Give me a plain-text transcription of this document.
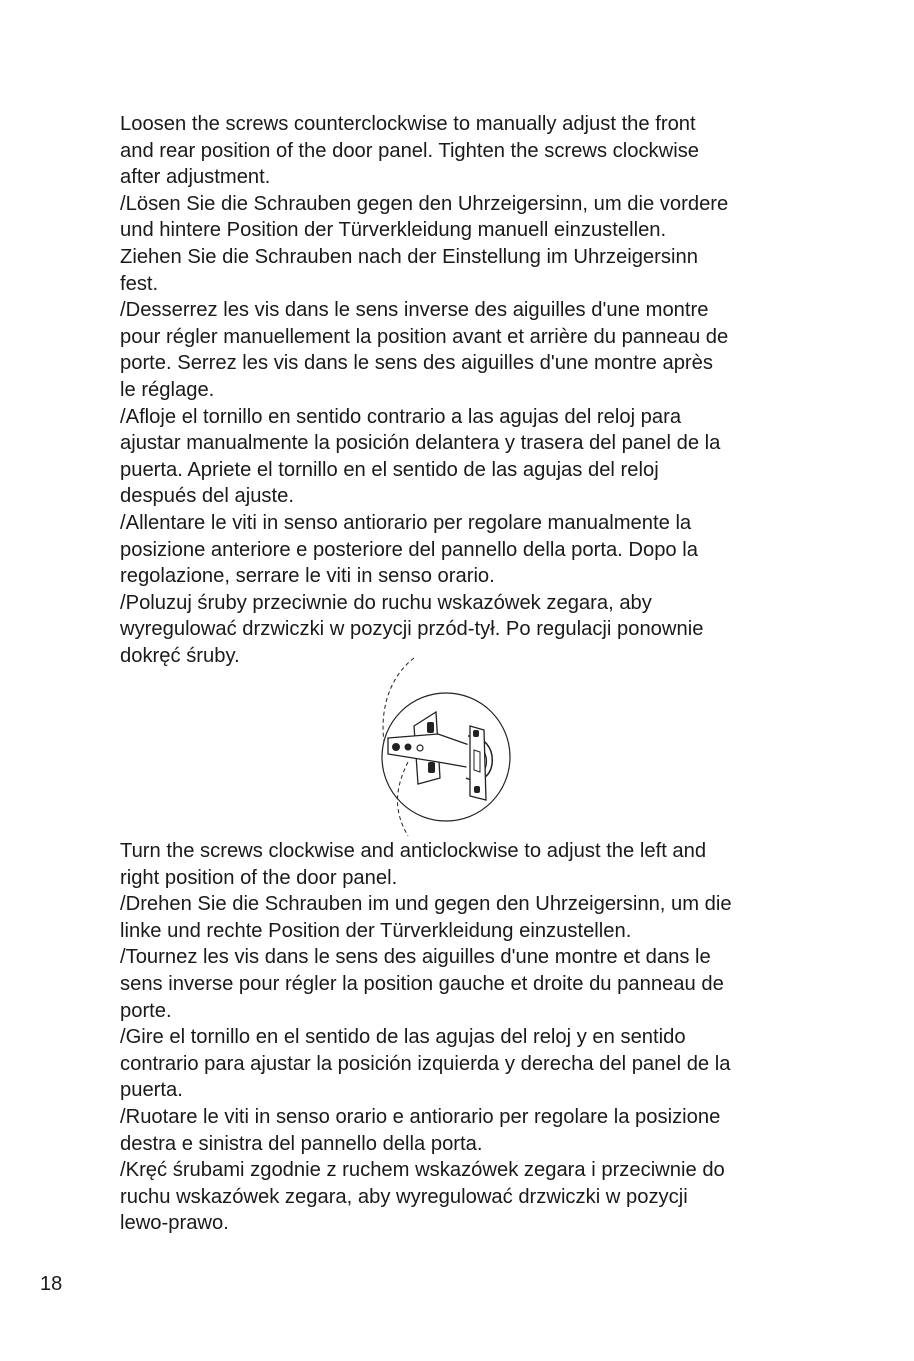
Loosen the screws counterclockwise to manually adjust the front
and rear position of the door panel. Tighten the screws clockwise
after adjustment.
/Lösen Sie die Schrauben gegen den Uhrzeigersinn, um die vordere
und hintere Position der Türverkleidung manuell einzustellen.
Ziehen Sie die Schrauben nach der Einstellung im Uhrzeigersinn
fest.
/Desserrez les vis dans le sens inverse des aiguilles d'une montre
pour régler manuellement la position avant et arrière du panneau de
porte. Serrez les vis dans le sens des aiguilles d'une montre après
le réglage.
/Afloje el tornillo en sentido contrario a las agujas del reloj para
ajustar manualmente la posición delantera y trasera del panel de la
puerta. Apriete el tornillo en el sentido de las agujas del reloj
después del ajuste.
/Allentare le viti in senso antiorario per regolare manualmente la
posizione anteriore e posteriore del pannello della porta. Dopo la
regolazione, serrare le viti in senso orario.
/Poluzuj śruby przeciwnie do ruchu wskazówek zegara, aby
wyregulować drzwiczki w pozycji przód-tył. Po regulacji ponownie
dokręć śruby.
Turn the screws clockwise and anticlockwise to adjust the left and
right position of the door panel.
/Drehen Sie die Schrauben im und gegen den Uhrzeigersinn, um die
linke und rechte Position der Türverkleidung einzustellen.
/Tournez les vis dans le sens des aiguilles d'une montre et dans le
sens inverse pour régler la position gauche et droite du panneau de
porte.
/Gire el tornillo en el sentido de las agujas del reloj y en sentido
contrario para ajustar la posición izquierda y derecha del panel de la
puerta.
/Ruotare le viti in senso orario e antiorario per regolare la posizione
destra e sinistra del pannello della porta.
/Kręć śrubami zgodnie z ruchem wskazówek zegara i przeciwnie do
ruchu wskazówek zegara, aby wyregulować drzwiczki w pozycji
lewo-prawo.
18
